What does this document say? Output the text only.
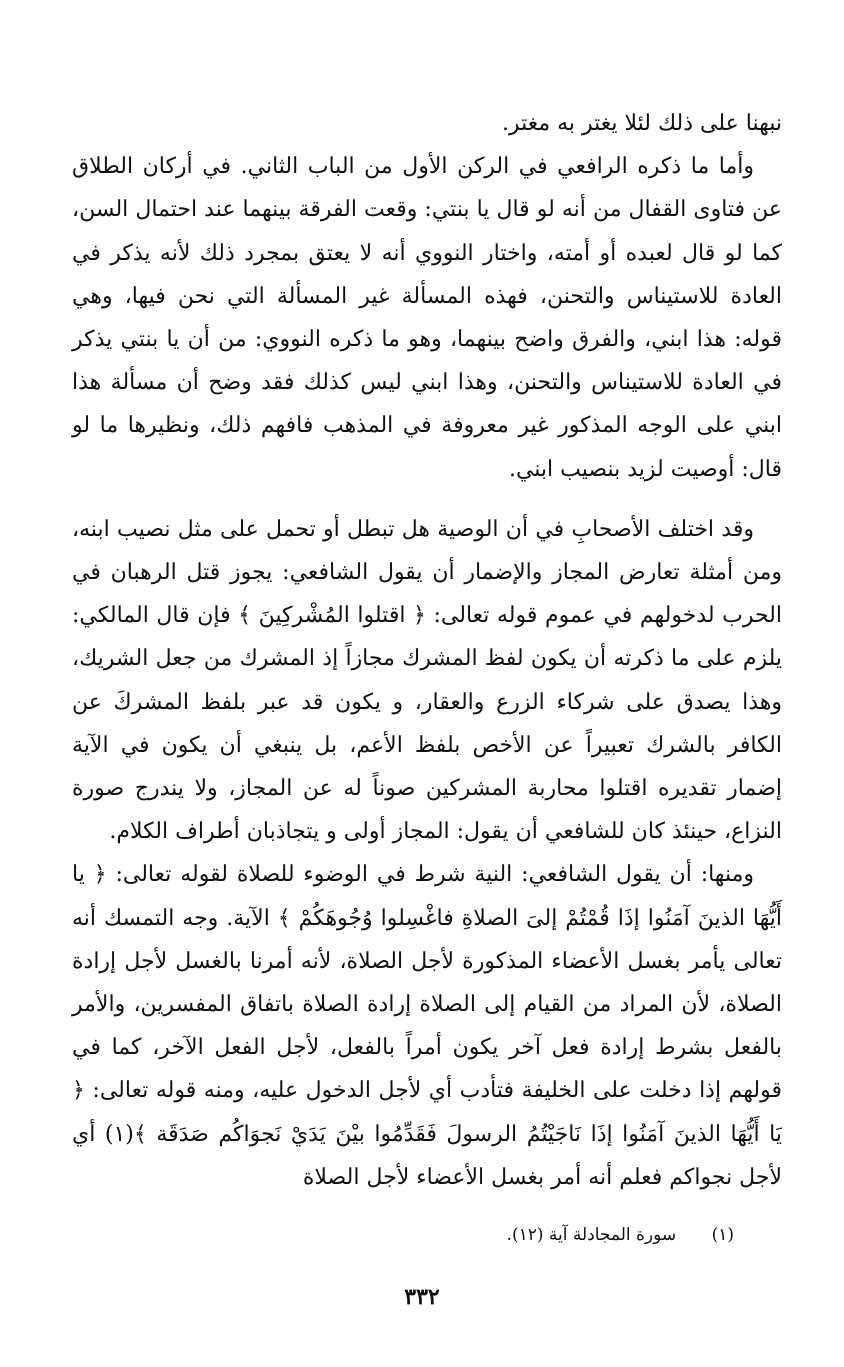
نبهنا على ذلك لئلا يغتر به مغتر.

وأما ما ذكره الرافعي في الركن الأول من الباب الثاني. في أركان الطلاق عن فتاوى القفال من أنه لو قال يا بنتي: وقعت الفرقة بينهما عند احتمال السن، كما لو قال لعبده أو أمته، واختار النووي أنه لا يعتق بمجرد ذلك لأنه يذكر في العادة للاستيناس والتحنن، فهذه المسألة غير المسألة التي نحن فيها، وهي قوله: هذا ابني، والفرق واضح بينهما، وهو ما ذكره النووي: من أن يا بنتي يذكر في العادة للاستيناس والتحنن، وهذا ابني ليس كذلك فقد وضح أن مسألة هذا ابني على الوجه المذكور غير معروفة في المذهب فافهم ذلك، ونظيرها ما لو قال: أوصيت لزيد بنصيب ابني.

وقد اختلف الأصحابِ في أن الوصية هل تبطل أو تحمل على مثل نصيب ابنه، ومن أمثلة تعارض المجاز والإضمار أن يقول الشافعي: يجوز قتل الرهبان في الحرب لدخولهم في عموم قوله تعالى: ﴿ اقتلوا المُشْركِينَ ﴾ فإن قال المالكي: يلزم على ما ذكرته أن يكون لفظ المشرك مجازاً إذ المشرك من جعل الشريك، وهذا يصدق على شركاء الزرع والعقار، و يكون قد عبر بلفظ المشركَ عن الكافر بالشرك تعبيراً عن الأخص بلفظ الأعم، بل ينبغي أن يكون في الآية إضمار تقديره اقتلوا محاربة المشركين صوناً له عن المجاز، ولا يندرج صورة النزاع، حينئذ كان للشافعي أن يقول: المجاز أولى و يتجاذبان أطراف الكلام.

ومنها: أن يقول الشافعي: النية شرط في الوضوء للصلاة لقوله تعالى: ﴿ يا أَيُّهَا الذينَ آمَنُوا إذَا قُمْتُمْ إلىَ الصلاةِ فاغْسِلوا وُجُوهَكُمْ ﴾ الآية. وجه التمسك أنه تعالى يأمر بغسل الأعضاء المذكورة لأجل الصلاة، لأنه أمرنا بالغسل لأجل إرادة الصلاة، لأن المراد من القيام إلى الصلاة إرادة الصلاة باتفاق المفسرين، والأمر بالفعل بشرط إرادة فعل آخر يكون أمراً بالفعل، لأجل الفعل الآخر، كما في قولهم إذا دخلت على الخليفة فتأدب أي لأجل الدخول عليه، ومنه قوله تعالى: ﴿ يَا أَيُّهَا الذينَ آمَنُوا إذَا نَاجَيْتُمُ الرسولَ فَقَدِّمُوا بيْنَ يَدَيْ نَجوَاكُم صَدَقَة ﴾(١) أي لأجل نجواكم فعلم أنه أمر بغسل الأعضاء لأجل الصلاة

(١) سورة المجادلة آية (١٢).
٣٣٢
